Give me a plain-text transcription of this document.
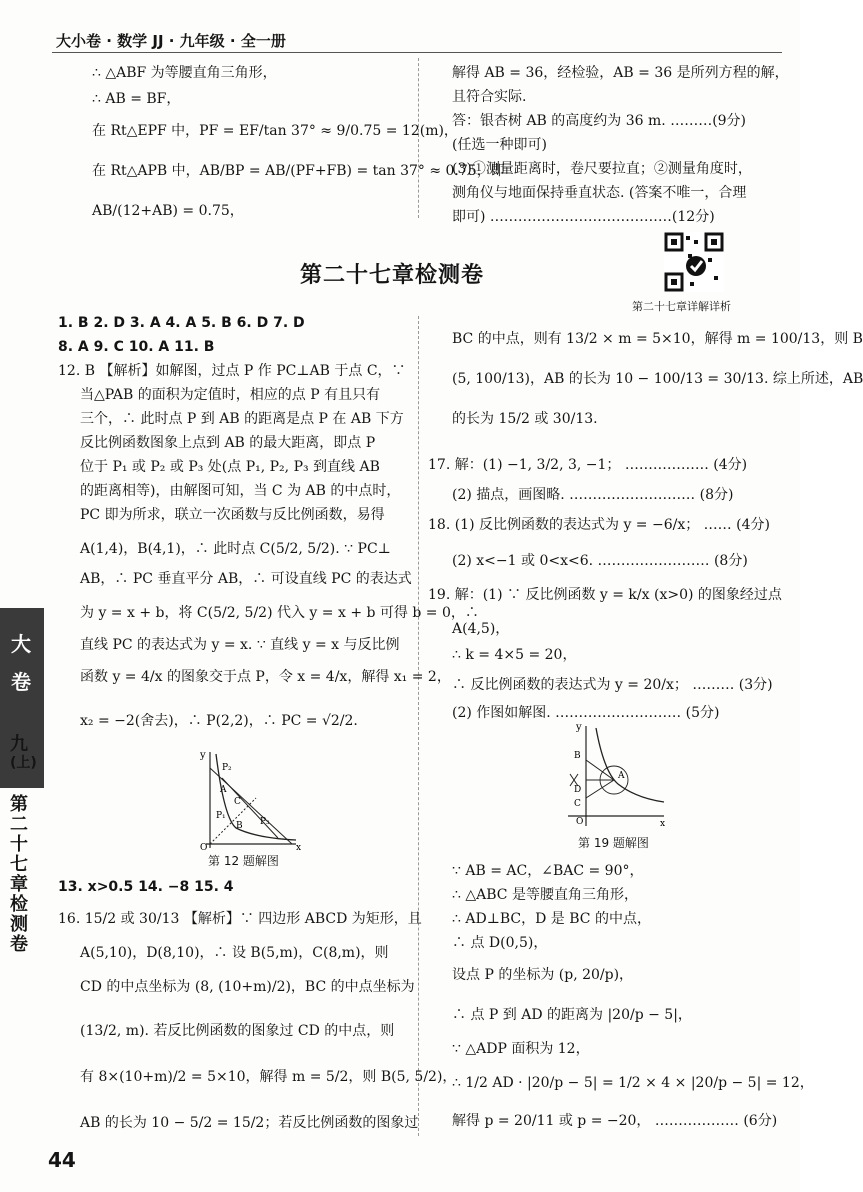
大小卷 · 数学 JJ · 九年级 · 全一册
∴ △ABF 为等腰直角三角形，
∴ AB = BF，
在 Rt△EPF 中，PF = EF/tan 37° ≈ 9/0.75 = 12(m)，
在 Rt△APB 中，AB/BP = AB/(PF+FB) = tan 37° ≈ 0.75，即
AB/(12+AB) = 0.75，
解得 AB = 36，经检验，AB = 36 是所列方程的解，
且符合实际.
答：银杏树 AB 的高度约为 36 m. ………(9分)
(任选一种即可)
(3)①测量距离时，卷尺要拉直；②测量角度时，
测角仪与地面保持垂直状态. (答案不唯一，合理
即可) …………………………………(12分)
第二十七章检测卷
第二十七章详解详析
1. B 2. D 3. A 4. A 5. B 6. D 7. D
8. A 9. C 10. A 11. B
12. B 【解析】如解图，过点 P 作 PC⊥AB 于点 C，∵
当△PAB 的面积为定值时，相应的点 P 有且只有
三个，∴ 此时点 P 到 AB 的距离是点 P 在 AB 下方
反比例函数图象上点到 AB 的最大距离，即点 P
位于 P₁ 或 P₂ 或 P₃ 处(点 P₁, P₂, P₃ 到直线 AB
的距离相等)，由解图可知，当 C 为 AB 的中点时，
PC 即为所求，联立一次函数与反比例函数，易得
A(1,4)，B(4,1)，∴ 此时点 C(5/2, 5/2). ∵ PC⊥
AB，∴ PC 垂直平分 AB，∴ 可设直线 PC 的表达式
为 y = x + b，将 C(5/2, 5/2) 代入 y = x + b 可得 b = 0，∴
直线 PC 的表达式为 y = x. ∵ 直线 y = x 与反比例
函数 y = 4/x 的图象交于点 P，令 x = 4/x，解得 x₁ = 2，
x₂ = −2(舍去)，∴ P(2,2)，∴ PC = √2/2.
y
P₂
A
C
P₁
B P₃
O	x
第 12 题解图
13. x>0.5 14. −8 15. 4
16. 15/2 或 30/13 【解析】∵ 四边形 ABCD 为矩形，且
A(5,10)，D(8,10)，∴ 设 B(5,m)，C(8,m)，则
CD 的中点坐标为 (8, (10+m)/2)，BC 的中点坐标为
(13/2, m). 若反比例函数的图象过 CD 的中点，则
有 8×(10+m)/2 = 5×10，解得 m = 5/2，则 B(5, 5/2)，
AB 的长为 10 − 5/2 = 15/2；若反比例函数的图象过
BC 的中点，则有 13/2 × m = 5×10，解得 m = 100/13，则 B
(5, 100/13)，AB 的长为 10 − 100/13 = 30/13. 综上所述，AB
的长为 15/2 或 30/13.
17. 解：(1) −1, 3/2, 3, −1； ……………… (4分)
(2) 描点，画图略. ……………………… (8分)
18. (1) 反比例函数的表达式为 y = −6/x； …… (4分)
(2) x<−1 或 0<x<6. …………………… (8分)
19. 解：(1) ∵ 反比例函数 y = k/x (x>0) 的图象经过点
A(4,5)，
∴ k = 4×5 = 20，
∴ 反比例函数的表达式为 y = 20/x； ……… (3分)
(2) 作图如解图. ……………………… (5分)
y
B
A
D
C
O	x
第 19 题解图
∵ AB = AC，∠BAC = 90°，
∴ △ABC 是等腰直角三角形，
∴ AD⊥BC，D 是 BC 的中点，
∴ 点 D(0,5)，
设点 P 的坐标为 (p, 20/p)，
∴ 点 P 到 AD 的距离为 |20/p − 5|，
∵ △ADP 面积为 12，
∴ 1/2 AD · |20/p − 5| = 1/2 × 4 × |20/p − 5| = 12，
解得 p = 20/11 或 p = −20， ……………… (6分)
大
卷
九
(上)
第
二
十
七
章
检
测
卷
44
